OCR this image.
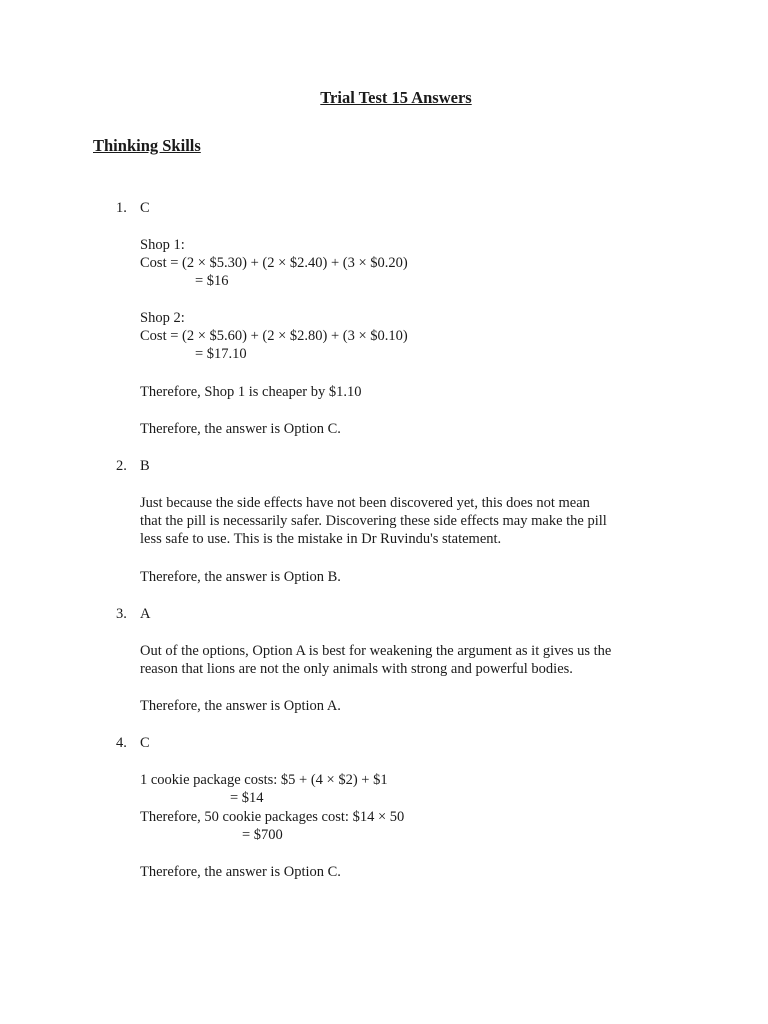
Trial Test 15 Answers
Thinking Skills
1. C
Shop 1:
Cost = (2 × $5.30) + (2 × $2.40) + (3 × $0.20)
= $16
Shop 2:
Cost = (2 × $5.60) + (2 × $2.80) + (3 × $0.10)
= $17.10
Therefore, Shop 1 is cheaper by $1.10
Therefore, the answer is Option C.
2. B
Just because the side effects have not been discovered yet, this does not mean
that the pill is necessarily safer. Discovering these side effects may make the pill
less safe to use. This is the mistake in Dr Ruvindu's statement.
Therefore, the answer is Option B.
3. A
Out of the options, Option A is best for weakening the argument as it gives us the
reason that lions are not the only animals with strong and powerful bodies.
Therefore, the answer is Option A.
4. C
1 cookie package costs: $5 + (4 × $2) + $1
= $14
Therefore, 50 cookie packages cost: $14 × 50
= $700
Therefore, the answer is Option C.
